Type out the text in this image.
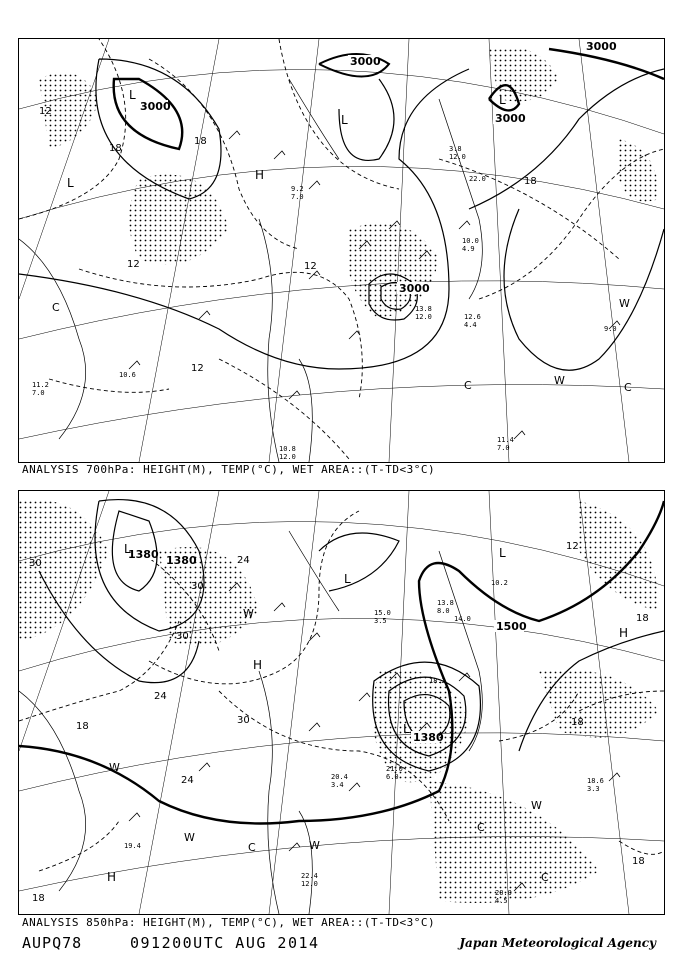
3000
3000
3000
3000
3000
18
12
12
18
12
12
18
L
L
L
L
H
C
C	C
W
W
13.8
12.0
11.2
7.0
10.6
9.0
12.6
4.4
11.4
7.0
10.8
12.0
3.8
12.0
22.0
10.0
4.9
9.2
7.0
ANALYSIS 700hPa: HEIGHT(M), TEMP(°C), WET AREA::(T-TD<3°C)
1380 1380
1500
1380
30
30
30
24
24
18	18
18
18
18
12
24
30
L
L
L
L
H
H
H
C
C
C
W
W
W
W
W
13.8
8.0
15.0
3.5
18.6
3.3
20.0
4.5
21.0
6.0
22.4
12.0
19.4
18.2
14.0
20.4
3.4
10.2
ANALYSIS 850hPa: HEIGHT(M), TEMP(°C), WET AREA::(T-TD<3°C)
AUPQ78	091200UTC AUG 2014	Japan Meteorological Agency
